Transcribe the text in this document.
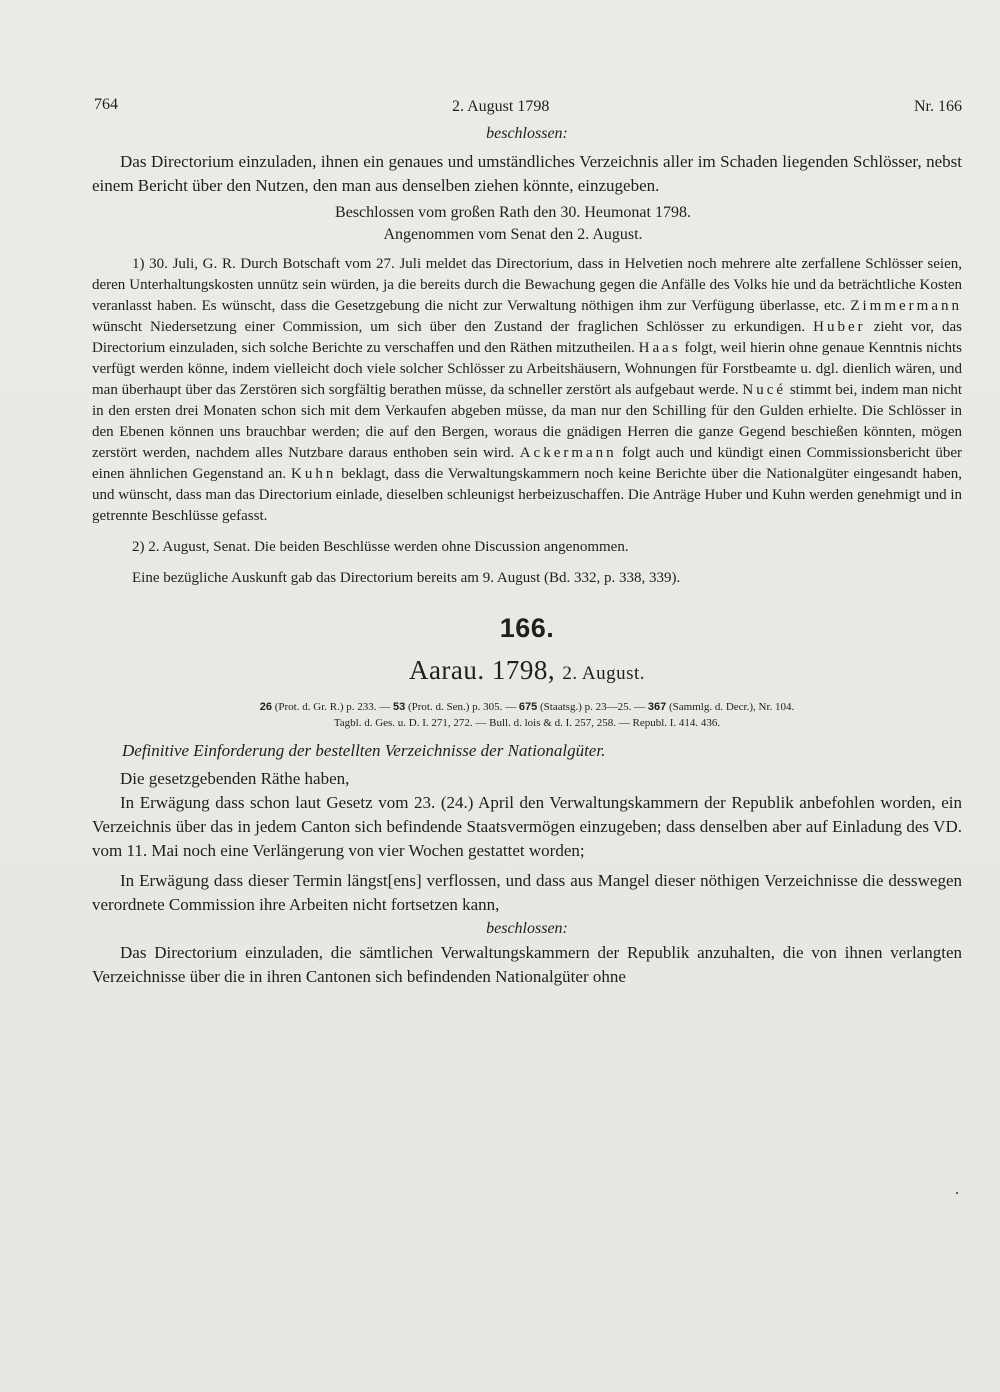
764	2. August 1798	Nr. 166

beschlossen:

Das Directorium einzuladen, ihnen ein genaues und umständliches Verzeichnis aller im Schaden liegenden Schlösser, nebst einem Bericht über den Nutzen, den man aus denselben ziehen könnte, einzugeben.

Beschlossen vom großen Rath den 30. Heumonat 1798.

Angenommen vom Senat den 2. August.

1) 30. Juli, G. R. Durch Botschaft vom 27. Juli meldet das Directorium, dass in Helvetien noch mehrere alte zerfallene Schlösser seien, deren Unterhaltungskosten unnütz sein würden, ja die bereits durch die Bewachung gegen die Anfälle des Volks hie und da beträchtliche Kosten veranlasst haben. Es wünscht, dass die Gesetzgebung die nicht zur Verwaltung nöthigen ihm zur Verfügung überlasse, etc. Zimmermann wünscht Niedersetzung einer Commission, um sich über den Zustand der fraglichen Schlösser zu erkundigen. Huber zieht vor, das Directorium einzuladen, sich solche Berichte zu verschaffen und den Räthen mitzutheilen. Haas folgt, weil hierin ohne genaue Kenntnis nichts verfügt werden könne, indem vielleicht doch viele solcher Schlösser zu Arbeitshäusern, Wohnungen für Forstbeamte u. dgl. dienlich wären, und man überhaupt über das Zerstören sich sorgfältig berathen müsse, da schneller zerstört als aufgebaut werde. Nucé stimmt bei, indem man nicht in den ersten drei Monaten schon sich mit dem Verkaufen abgeben müsse, da man nur den Schilling für den Gulden erhielte. Die Schlösser in den Ebenen können uns brauchbar werden; die auf den Bergen, woraus die gnädigen Herren die ganze Gegend beschießen könnten, mögen zerstört werden, nachdem alles Nutzbare daraus enthoben sein wird. Ackermann folgt auch und kündigt einen Commissionsbericht über einen ähnlichen Gegenstand an. Kuhn beklagt, dass die Verwaltungskammern noch keine Berichte über die Nationalgüter eingesandt haben, und wünscht, dass man das Directorium einlade, dieselben schleunigst herbeizuschaffen. Die Anträge Huber und Kuhn werden genehmigt und in getrennte Beschlüsse gefasst.

2) 2. August, Senat. Die beiden Beschlüsse werden ohne Discussion angenommen.

Eine bezügliche Auskunft gab das Directorium bereits am 9. August (Bd. 332, p. 338, 339).

166.
Aarau. 1798, 2. August.
26 (Prot. d. Gr. R.) p. 233. — 53 (Prot. d. Sen.) p. 305. — 675 (Staatsg.) p. 23—25. — 367 (Sammlg. d. Decr.), Nr. 104.
Tagbl. d. Ges. u. D. I. 271, 272. — Bull. d. lois & d. I. 257, 258. — Republ. I. 414. 436.

Definitive Einforderung der bestellten Verzeichnisse der Nationalgüter.

Die gesetzgebenden Räthe haben,

In Erwägung dass schon laut Gesetz vom 23. (24.) April den Verwaltungskammern der Republik anbefohlen worden, ein Verzeichnis über das in jedem Canton sich befindende Staatsvermögen einzugeben; dass denselben aber auf Einladung des VD. vom 11. Mai noch eine Verlängerung von vier Wochen gestattet worden;

In Erwägung dass dieser Termin längst[ens] verflossen, und dass aus Mangel dieser nöthigen Verzeichnisse die desswegen verordnete Commission ihre Arbeiten nicht fortsetzen kann,

beschlossen:

Das Directorium einzuladen, die sämtlichen Verwaltungskammern der Republik anzuhalten, die von ihnen verlangten Verzeichnisse über die in ihren Cantonen sich befindenden Nationalgüter ohne
